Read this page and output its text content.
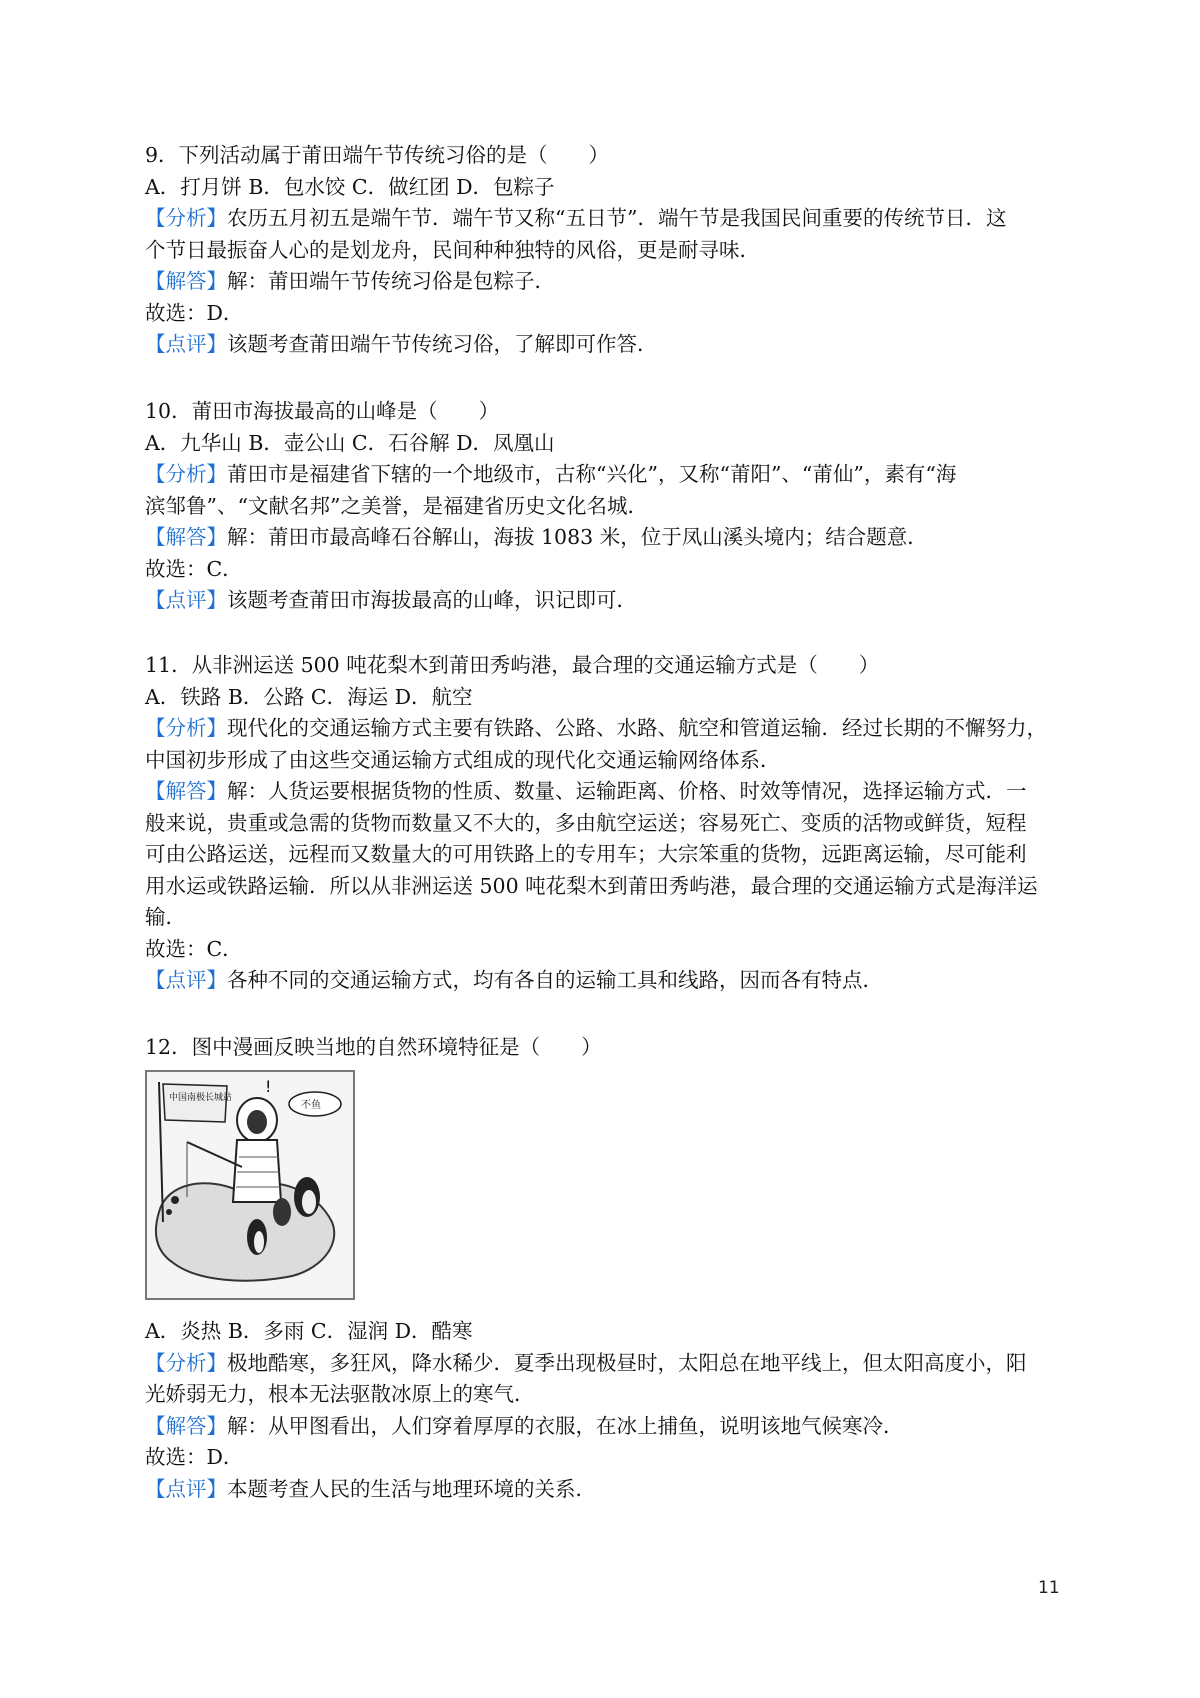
9．下列活动属于莆田端午节传统习俗的是（　　）
A．打月饼 B．包水饺 C．做红团 D．包粽子
【分析】农历五月初五是端午节．端午节又称“五日节”．端午节是我国民间重要的传统节日．这
个节日最振奋人心的是划龙舟，民间种种独特的风俗，更是耐寻味．
【解答】解：莆田端午节传统习俗是包粽子．
故选：D．
【点评】该题考查莆田端午节传统习俗，了解即可作答．
10．莆田市海拔最高的山峰是（　　）
A．九华山 B．壶公山 C．石谷解 D．凤凰山
【分析】莆田市是福建省下辖的一个地级市，古称“兴化”，又称“莆阳”、“莆仙”，素有“海
滨邹鲁”、“文献名邦”之美誉，是福建省历史文化名城．
【解答】解：莆田市最高峰石谷解山，海拔 1083 米，位于凤山溪头境内；结合题意．
故选：C．
【点评】该题考查莆田市海拔最高的山峰，识记即可．
11．从非洲运送 500 吨花梨木到莆田秀屿港，最合理的交通运输方式是（　　）
A．铁路 B．公路 C．海运 D．航空
【分析】现代化的交通运输方式主要有铁路、公路、水路、航空和管道运输．经过长期的不懈努力，
中国初步形成了由这些交通运输方式组成的现代化交通运输网络体系．
【解答】解：人货运要根据货物的性质、数量、运输距离、价格、时效等情况，选择运输方式．一
般来说，贵重或急需的货物而数量又不大的，多由航空运送；容易死亡、变质的活物或鲜货，短程
可由公路运送，远程而又数量大的可用铁路上的专用车；大宗笨重的货物，远距离运输，尽可能利
用水运或铁路运输．所以从非洲运送 500 吨花梨木到莆田秀屿港，最合理的交通运输方式是海洋运
输．
故选：C．
【点评】各种不同的交通运输方式，均有各自的运输工具和线路，因而各有特点．
12．图中漫画反映当地的自然环境特征是（　　）
中国南极长城站
不鱼
!
A．炎热 B．多雨 C．湿润 D．酷寒
【分析】极地酷寒，多狂风，降水稀少．夏季出现极昼时，太阳总在地平线上，但太阳高度小，阳
光娇弱无力，根本无法驱散冰原上的寒气．
【解答】解：从甲图看出，人们穿着厚厚的衣服，在冰上捕鱼，说明该地气候寒冷．
故选：D．
【点评】本题考查人民的生活与地理环境的关系．
11
